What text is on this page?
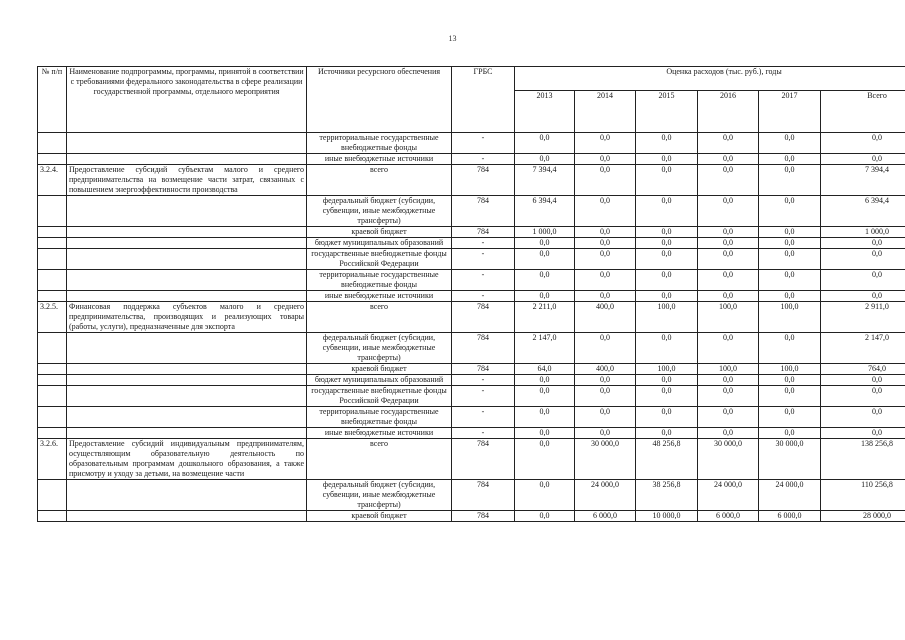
13
№ п/п	Наименование подпрограммы, программы, принятой в соответствии с требованиями федерального законодательства в сфере реализации государственной программы, отдельного мероприятия	Источники ресурсного обеспечения	ГРБС	Оценка расходов (тыс. руб.), годы					
				2013	2014	2015	2016	2017	Всего
		территориальные государственные внебюджетные фонды	-	0,0	0,0	0,0	0,0	0,0	0,0
		иные внебюджетные источники	-	0,0	0,0	0,0	0,0	0,0	0,0
3.2.4.	Предоставление субсидий субъектам малого и среднего предпринимательства на возмещение части затрат, связанных с повышением энергоэффективности производства	всего	784	7 394,4	0,0	0,0	0,0	0,0	7 394,4
		федеральный бюджет (субсидии, субвенции, иные межбюджетные трансферты)	784	6 394,4	0,0	0,0	0,0	0,0	6 394,4
		краевой бюджет	784	1 000,0	0,0	0,0	0,0	0,0	1 000,0
		бюджет муниципальных образований	-	0,0	0,0	0,0	0,0	0,0	0,0
		государственные внебюджетные фонды Российской Федерации	-	0,0	0,0	0,0	0,0	0,0	0,0
		территориальные государственные внебюджетные фонды	-	0,0	0,0	0,0	0,0	0,0	0,0
		иные внебюджетные источники	-	0,0	0,0	0,0	0,0	0,0	0,0
3.2.5.	Финансовая поддержка субъектов малого и среднего предпринимательства, производящих и реализующих товары (работы, услуги), предназначенные для экспорта	всего	784	2 211,0	400,0	100,0	100,0	100,0	2 911,0
		федеральный бюджет (субсидии, субвенции, иные межбюджетные трансферты)	784	2 147,0	0,0	0,0	0,0	0,0	2 147,0
		краевой бюджет	784	64,0	400,0	100,0	100,0	100,0	764,0
		бюджет муниципальных образований	-	0,0	0,0	0,0	0,0	0,0	0,0
		государственные внебюджетные фонды Российской Федерации	-	0,0	0,0	0,0	0,0	0,0	0,0
		территориальные государственные внебюджетные фонды	-	0,0	0,0	0,0	0,0	0,0	0,0
		иные внебюджетные источники	-	0,0	0,0	0,0	0,0	0,0	0,0
3.2.6.	Предоставление субсидий индивидуальным предпринимателям, осуществляющим образовательную деятельность по образовательным программам дошкольного образования, а также присмотру и уходу за детьми, на возмещение части	всего	784	0,0	30 000,0	48 256,8	30 000,0	30 000,0	138 256,8
		федеральный бюджет (субсидии, субвенции, иные межбюджетные трансферты)	784	0,0	24 000,0	38 256,8	24 000,0	24 000,0	110 256,8
		краевой бюджет	784	0,0	6 000,0	10 000,0	6 000,0	6 000,0	28 000,0
